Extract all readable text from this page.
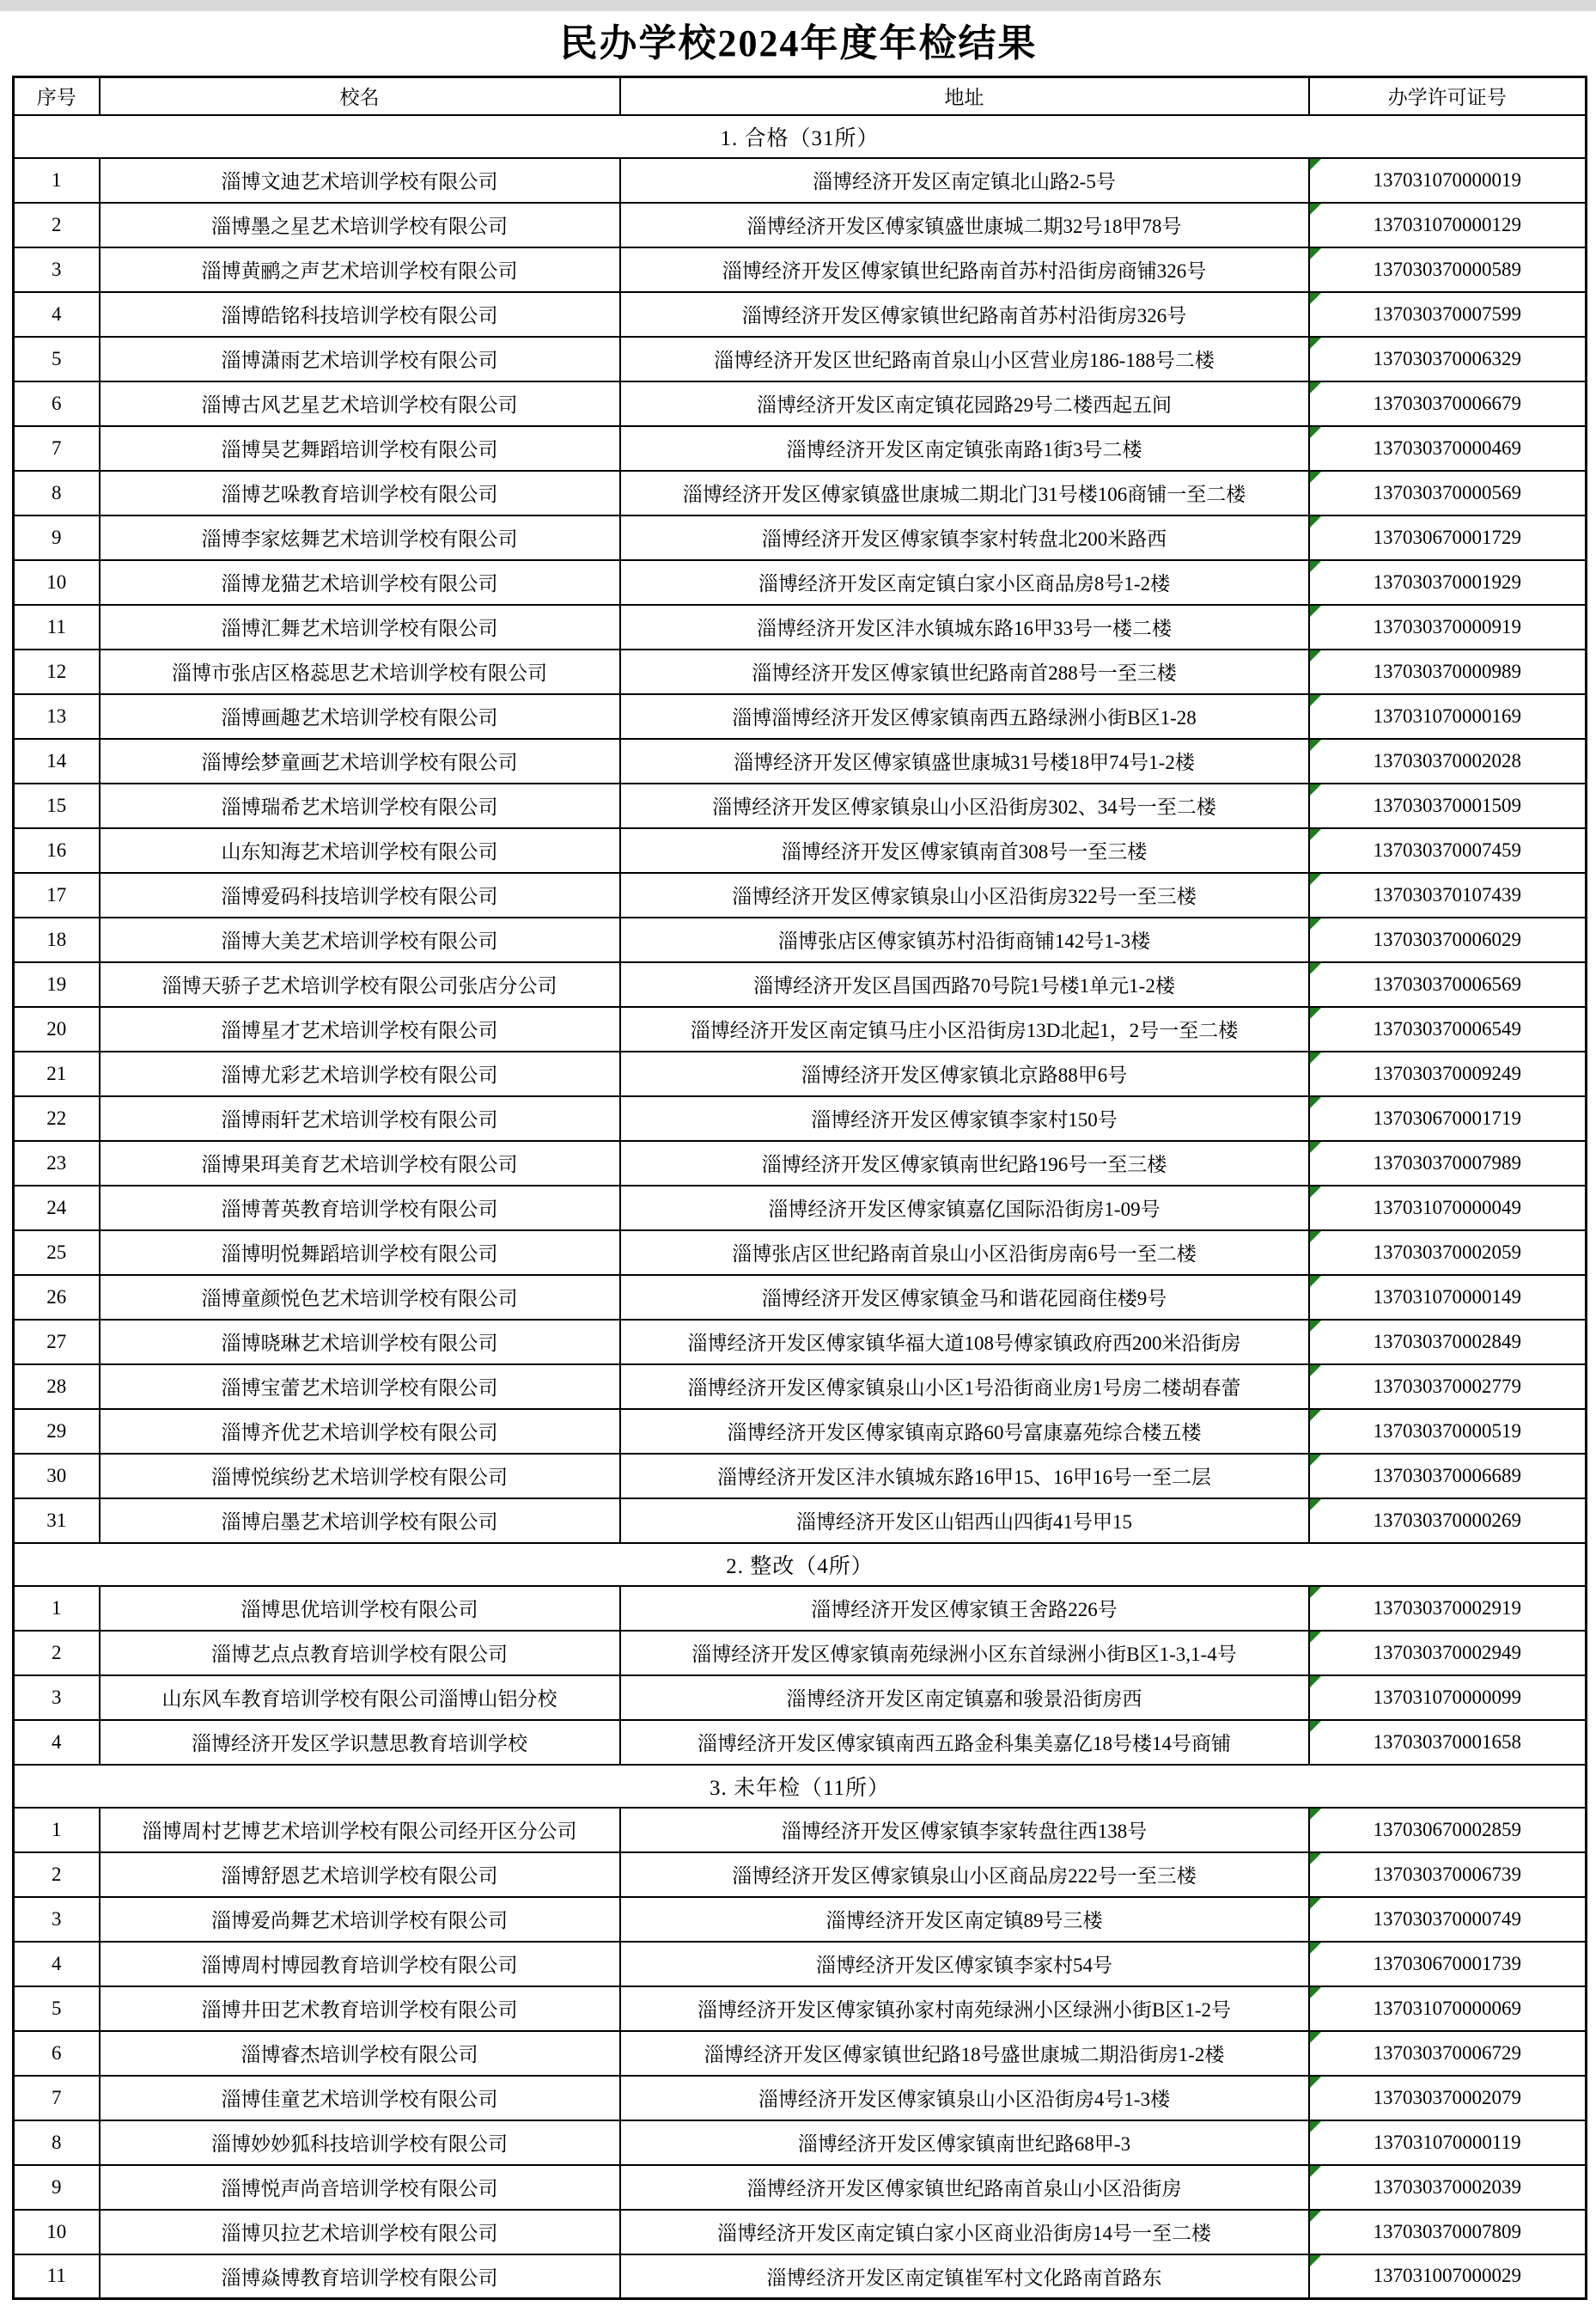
民办学校2024年度年检结果
序号	校名	地址	办学许可证号
1. 合格（31所）			
1	淄博文迪艺术培训学校有限公司	淄博经济开发区南定镇北山路2-5号	137031070000019
2	淄博墨之星艺术培训学校有限公司	淄博经济开发区傅家镇盛世康城二期32号18甲78号	137031070000129
3	淄博黄鹂之声艺术培训学校有限公司	淄博经济开发区傅家镇世纪路南首苏村沿街房商铺326号	137030370000589
4	淄博皓铭科技培训学校有限公司	淄博经济开发区傅家镇世纪路南首苏村沿街房326号	137030370007599
5	淄博潇雨艺术培训学校有限公司	淄博经济开发区世纪路南首泉山小区营业房186-188号二楼	137030370006329
6	淄博古风艺星艺术培训学校有限公司	淄博经济开发区南定镇花园路29号二楼西起五间	137030370006679
7	淄博昊艺舞蹈培训学校有限公司	淄博经济开发区南定镇张南路1街3号二楼	137030370000469
8	淄博艺哚教育培训学校有限公司	淄博经济开发区傅家镇盛世康城二期北门31号楼106商铺一至二楼	137030370000569
9	淄博李家炫舞艺术培训学校有限公司	淄博经济开发区傅家镇李家村转盘北200米路西	137030670001729
10	淄博龙猫艺术培训学校有限公司	淄博经济开发区南定镇白家小区商品房8号1-2楼	137030370001929
11	淄博汇舞艺术培训学校有限公司	淄博经济开发区沣水镇城东路16甲33号一楼二楼	137030370000919
12	淄博市张店区格蕊思艺术培训学校有限公司	淄博经济开发区傅家镇世纪路南首288号一至三楼	137030370000989
13	淄博画趣艺术培训学校有限公司	淄博淄博经济开发区傅家镇南西五路绿洲小街B区1-28	137031070000169
14	淄博绘梦童画艺术培训学校有限公司	淄博经济开发区傅家镇盛世康城31号楼18甲74号1-2楼	137030370002028
15	淄博瑞希艺术培训学校有限公司	淄博经济开发区傅家镇泉山小区沿街房302、34号一至二楼	137030370001509
16	山东知海艺术培训学校有限公司	淄博经济开发区傅家镇南首308号一至三楼	137030370007459
17	淄博爱码科技培训学校有限公司	淄博经济开发区傅家镇泉山小区沿街房322号一至三楼	137030370107439
18	淄博大美艺术培训学校有限公司	淄博张店区傅家镇苏村沿街商铺142号1-3楼	137030370006029
19	淄博天骄子艺术培训学校有限公司张店分公司	淄博经济开发区昌国西路70号院1号楼1单元1-2楼	137030370006569
20	淄博星才艺术培训学校有限公司	淄博经济开发区南定镇马庄小区沿街房13D北起1，2号一至二楼	137030370006549
21	淄博尤彩艺术培训学校有限公司	淄博经济开发区傅家镇北京路88甲6号	137030370009249
22	淄博雨轩艺术培训学校有限公司	淄博经济开发区傅家镇李家村150号	137030670001719
23	淄博果珥美育艺术培训学校有限公司	淄博经济开发区傅家镇南世纪路196号一至三楼	137030370007989
24	淄博菁英教育培训学校有限公司	淄博经济开发区傅家镇嘉亿国际沿街房1-09号	137031070000049
25	淄博明悦舞蹈培训学校有限公司	淄博张店区世纪路南首泉山小区沿街房南6号一至二楼	137030370002059
26	淄博童颜悦色艺术培训学校有限公司	淄博经济开发区傅家镇金马和谐花园商住楼9号	137031070000149
27	淄博晓琳艺术培训学校有限公司	淄博经济开发区傅家镇华福大道108号傅家镇政府西200米沿街房	137030370002849
28	淄博宝蕾艺术培训学校有限公司	淄博经济开发区傅家镇泉山小区1号沿街商业房1号房二楼胡春蕾	137030370002779
29	淄博齐优艺术培训学校有限公司	淄博经济开发区傅家镇南京路60号富康嘉苑综合楼五楼	137030370000519
30	淄博悦缤纷艺术培训学校有限公司	淄博经济开发区沣水镇城东路16甲15、16甲16号一至二层	137030370006689
31	淄博启墨艺术培训学校有限公司	淄博经济开发区山铝西山四街41号甲15	137030370000269
2. 整改（4所）			
1	淄博思优培训学校有限公司	淄博经济开发区傅家镇王舍路226号	137030370002919
2	淄博艺点点教育培训学校有限公司	淄博经济开发区傅家镇南苑绿洲小区东首绿洲小街B区1-3,1-4号	137030370002949
3	山东风车教育培训学校有限公司淄博山铝分校	淄博经济开发区南定镇嘉和骏景沿街房西	137031070000099
4	淄博经济开发区学识慧思教育培训学校	淄博经济开发区傅家镇南西五路金科集美嘉亿18号楼14号商铺	137030370001658
3. 未年检（11所）			
1	淄博周村艺博艺术培训学校有限公司经开区分公司	淄博经济开发区傅家镇李家转盘往西138号	137030670002859
2	淄博舒恩艺术培训学校有限公司	淄博经济开发区傅家镇泉山小区商品房222号一至三楼	137030370006739
3	淄博爱尚舞艺术培训学校有限公司	淄博经济开发区南定镇89号三楼	137030370000749
4	淄博周村博园教育培训学校有限公司	淄博经济开发区傅家镇李家村54号	137030670001739
5	淄博井田艺术教育培训学校有限公司	淄博经济开发区傅家镇孙家村南苑绿洲小区绿洲小街B区1-2号	137031070000069
6	淄博睿杰培训学校有限公司	淄博经济开发区傅家镇世纪路18号盛世康城二期沿街房1-2楼	137030370006729
7	淄博佳童艺术培训学校有限公司	淄博经济开发区傅家镇泉山小区沿街房4号1-3楼	137030370002079
8	淄博妙妙狐科技培训学校有限公司	淄博经济开发区傅家镇南世纪路68甲-3	137031070000119
9	淄博悦声尚音培训学校有限公司	淄博经济开发区傅家镇世纪路南首泉山小区沿街房	137030370002039
10	淄博贝拉艺术培训学校有限公司	淄博经济开发区南定镇白家小区商业沿街房14号一至二楼	137030370007809
11	淄博焱博教育培训学校有限公司	淄博经济开发区南定镇崔军村文化路南首路东	137031007000029
